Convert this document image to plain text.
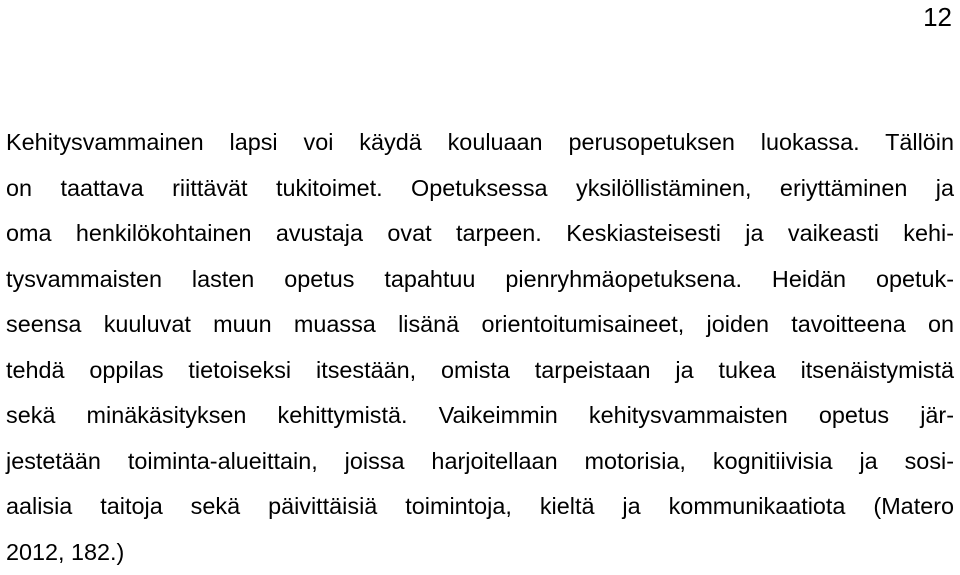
12
Kehitysvammainen lapsi voi käydä kouluaan perusopetuksen luokassa. Tällöin
on taattava riittävät tukitoimet. Opetuksessa yksilöllistäminen, eriyttäminen ja
oma henkilökohtainen avustaja ovat tarpeen. Keskiasteisesti ja vaikeasti kehi-
tysvammaisten lasten opetus tapahtuu pienryhmäopetuksena. Heidän opetuk-
seensa kuuluvat muun muassa lisänä orientoitumisaineet, joiden tavoitteena on
tehdä oppilas tietoiseksi itsestään, omista tarpeistaan ja tukea itsenäistymistä
sekä minäkäsityksen kehittymistä. Vaikeimmin kehitysvammaisten opetus jär-
jestetään toiminta-alueittain, joissa harjoitellaan motorisia, kognitiivisia ja sosi-
aalisia taitoja sekä päivittäisiä toimintoja, kieltä ja kommunikaatiota (Matero
2012, 182.)
